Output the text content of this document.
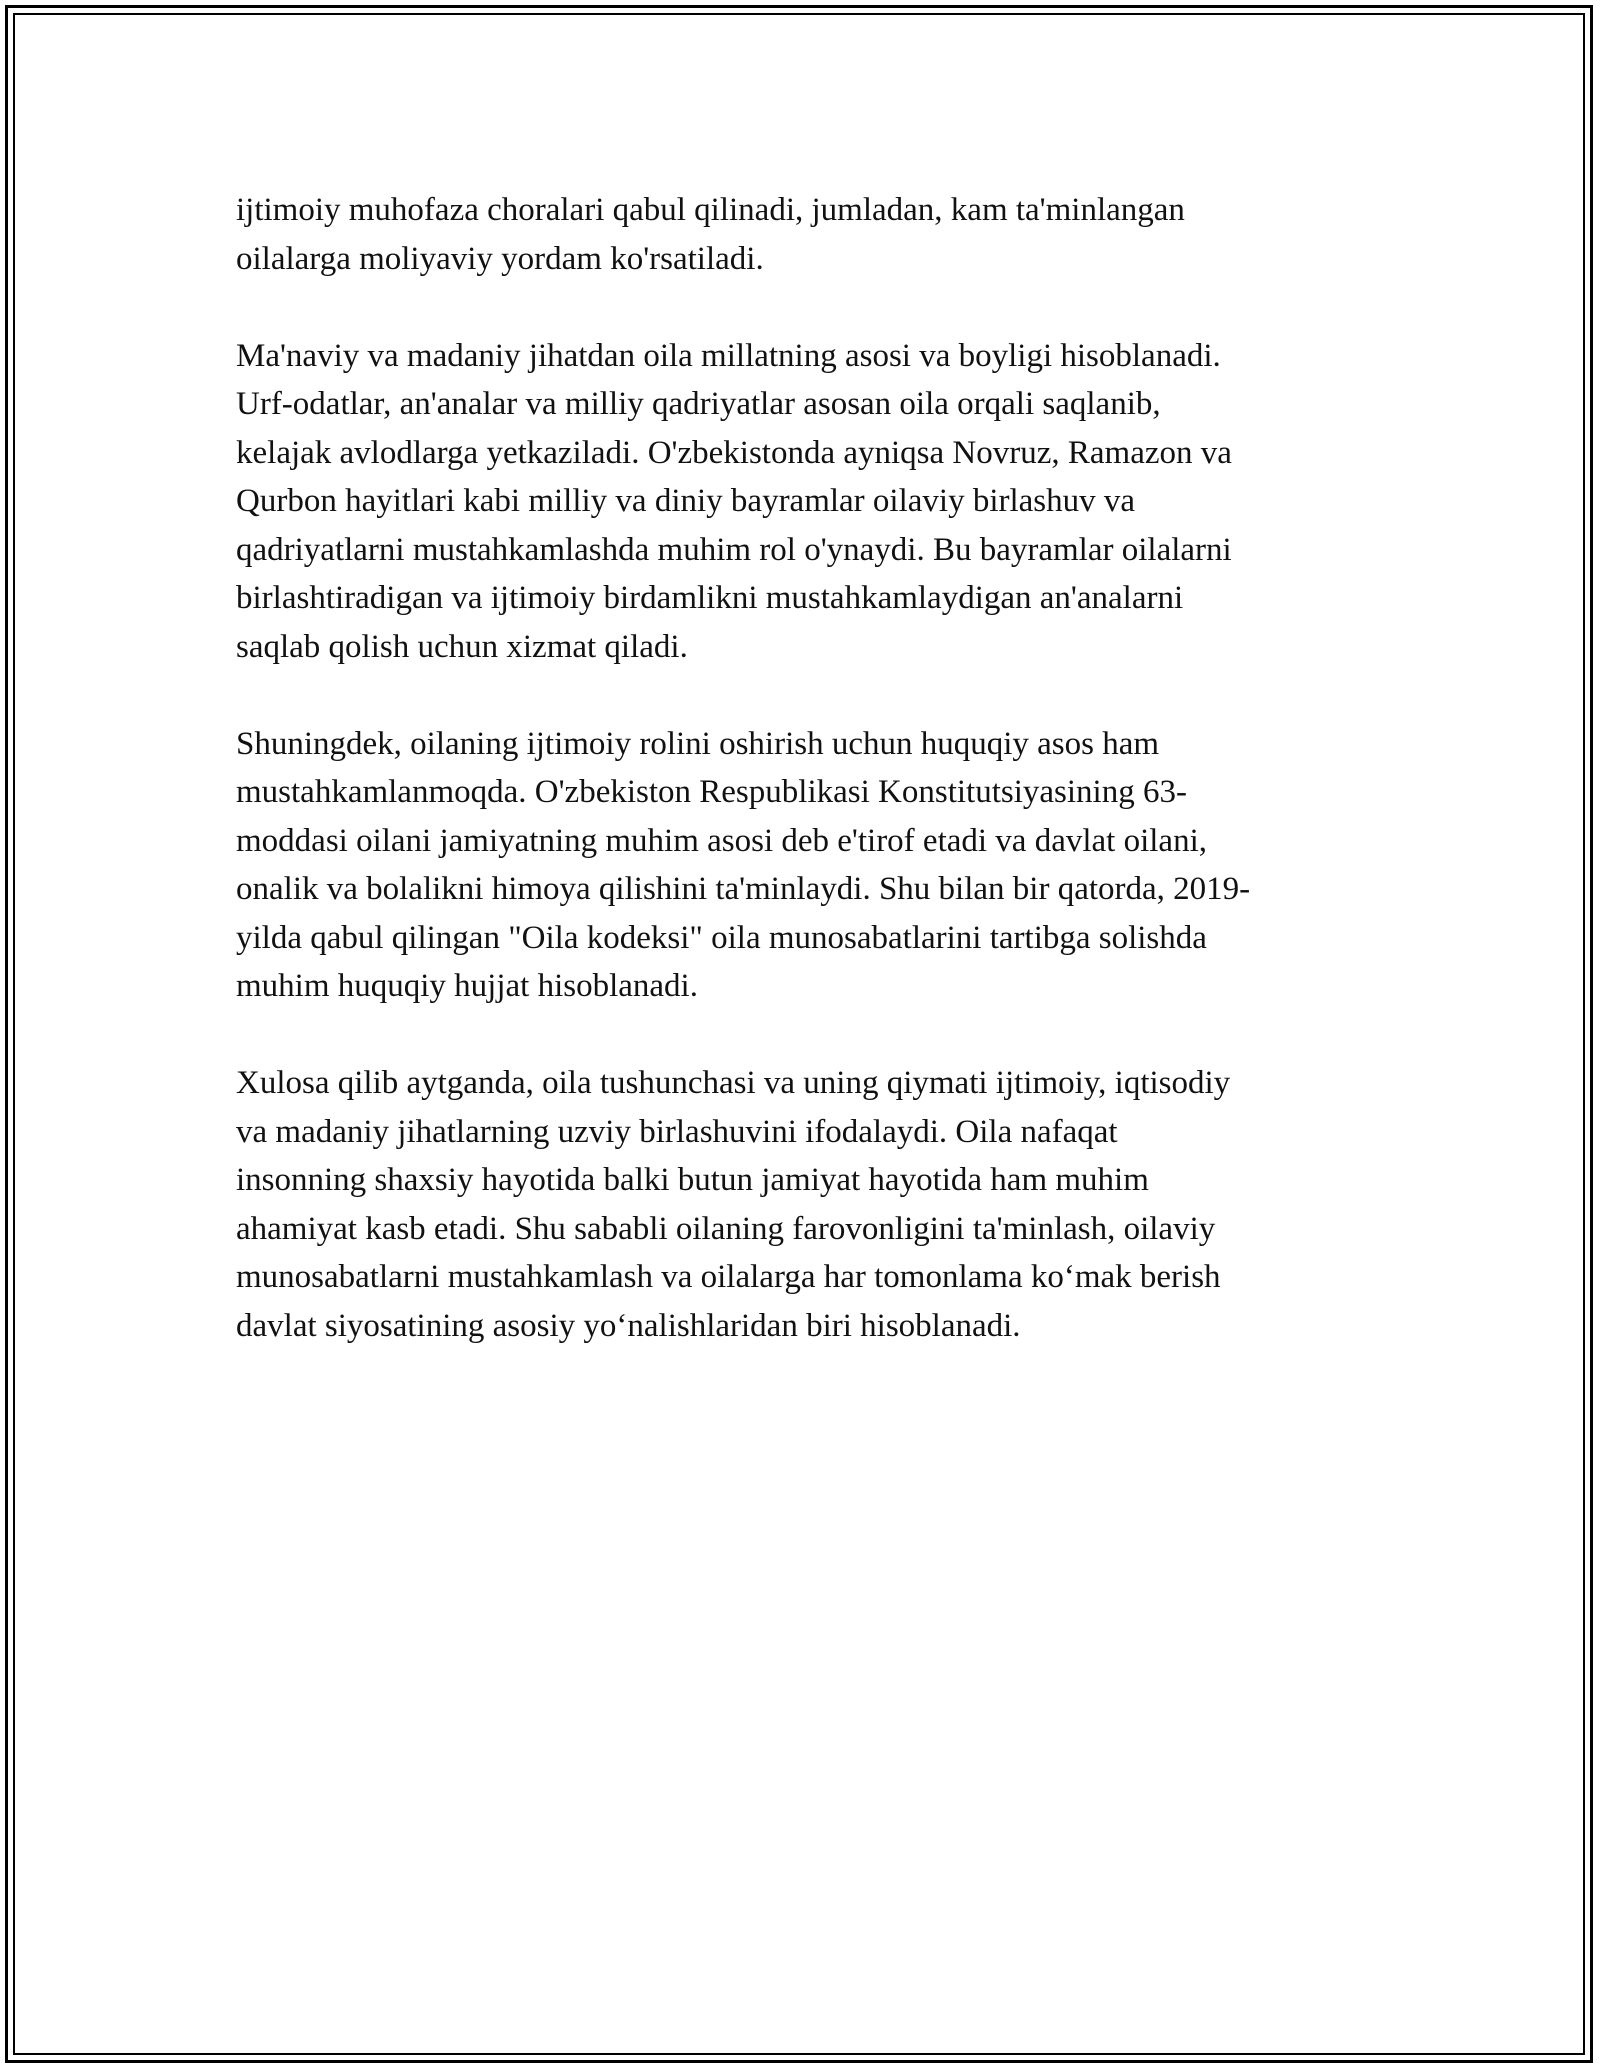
ijtimoiy muhofaza choralari qabul qilinadi, jumladan, kam ta'minlangan
oilalarga moliyaviy yordam ko'rsatiladi.

Ma'naviy va madaniy jihatdan oila millatning asosi va boyligi hisoblanadi.
Urf-odatlar, an'analar va milliy qadriyatlar asosan oila orqali saqlanib,
kelajak avlodlarga yetkaziladi. O'zbekistonda ayniqsa Novruz, Ramazon va
Qurbon hayitlari kabi milliy va diniy bayramlar oilaviy birlashuv va
qadriyatlarni mustahkamlashda muhim rol o'ynaydi. Bu bayramlar oilalarni
birlashtiradigan va ijtimoiy birdamlikni mustahkamlaydigan an'analarni
saqlab qolish uchun xizmat qiladi.

Shuningdek, oilaning ijtimoiy rolini oshirish uchun huquqiy asos ham
mustahkamlanmoqda. O'zbekiston Respublikasi Konstitutsiyasining 63-
moddasi oilani jamiyatning muhim asosi deb e'tirof etadi va davlat oilani,
onalik va bolalikni himoya qilishini ta'minlaydi. Shu bilan bir qatorda, 2019-
yilda qabul qilingan "Oila kodeksi" oila munosabatlarini tartibga solishda
muhim huquqiy hujjat hisoblanadi.

Xulosa qilib aytganda, oila tushunchasi va uning qiymati ijtimoiy, iqtisodiy
va madaniy jihatlarning uzviy birlashuvini ifodalaydi. Oila nafaqat
insonning shaxsiy hayotida balki butun jamiyat hayotida ham muhim
ahamiyat kasb etadi. Shu sababli oilaning farovonligini ta'minlash, oilaviy
munosabatlarni mustahkamlash va oilalarga har tomonlama ko‘mak berish
davlat siyosatining asosiy yo‘nalishlaridan biri hisoblanadi.
